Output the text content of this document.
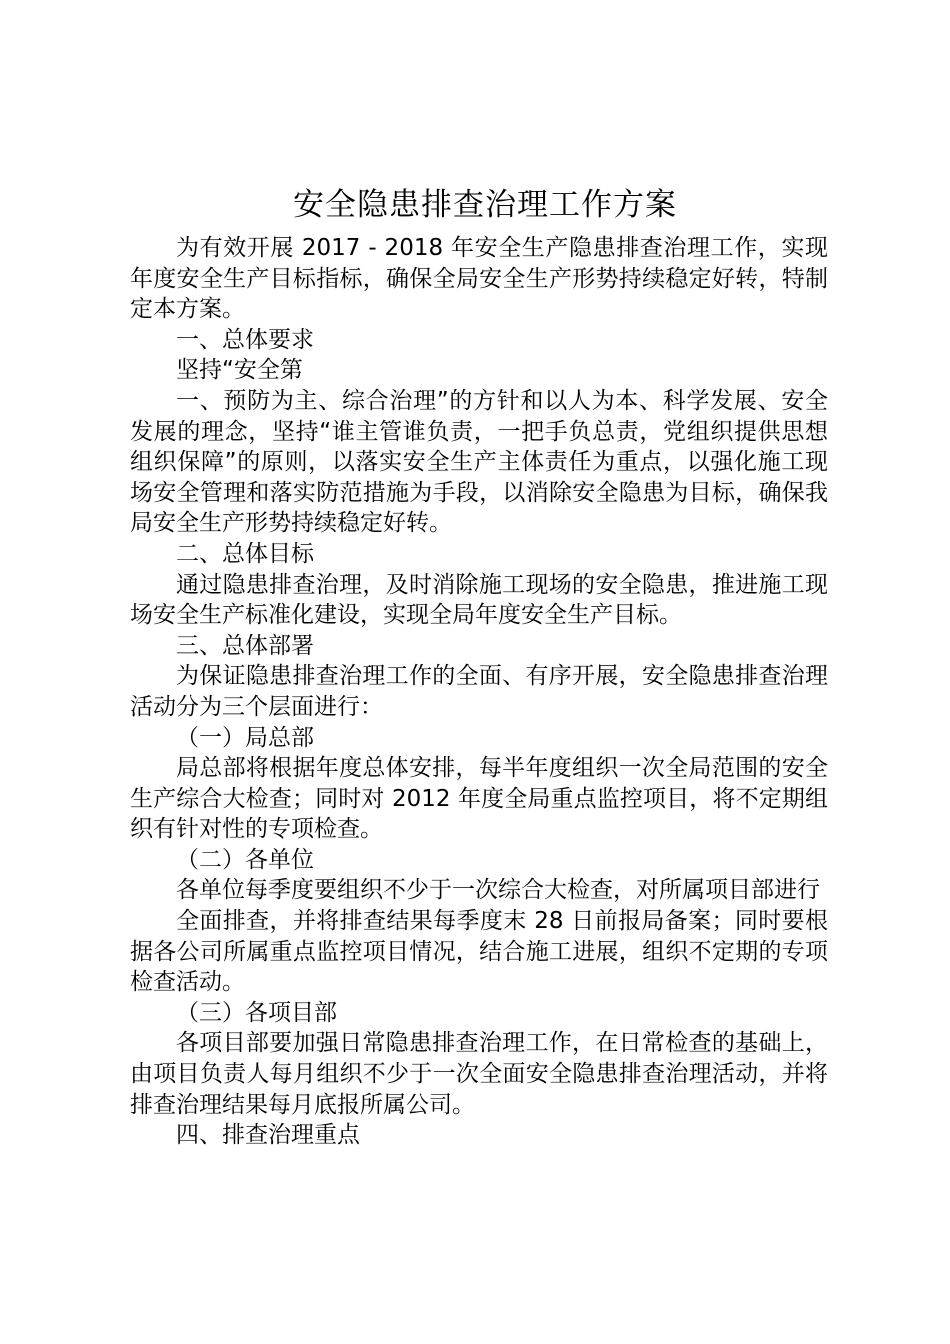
安全隐患排查治理工作方案

为有效开展 2017 - 2018 年安全生产隐患排查治理工作，实现年度安全生产目标指标，确保全局安全生产形势持续稳定好转，特制定本方案。

一、总体要求

坚持“安全第

一、预防为主、综合治理”的方针和以人为本、科学发展、安全发展的理念，坚持“谁主管谁负责，一把手负总责，党组织提供思想组织保障”的原则，以落实安全生产主体责任为重点，以强化施工现场安全管理和落实防范措施为手段，以消除安全隐患为目标，确保我局安全生产形势持续稳定好转。

二、总体目标

通过隐患排查治理，及时消除施工现场的安全隐患，推进施工现场安全生产标准化建设，实现全局年度安全生产目标。

三、总体部署

为保证隐患排查治理工作的全面、有序开展，安全隐患排查治理活动分为三个层面进行：

（一）局总部

局总部将根据年度总体安排，每半年度组织一次全局范围的安全生产综合大检查；同时对 2012 年度全局重点监控项目，将不定期组织有针对性的专项检查。

（二）各单位

各单位每季度要组织不少于一次综合大检查，对所属项目部进行

全面排查，并将排查结果每季度末 28 日前报局备案；同时要根据各公司所属重点监控项目情况，结合施工进展，组织不定期的专项检查活动。

（三）各项目部

各项目部要加强日常隐患排查治理工作，在日常检查的基础上，由项目负责人每月组织不少于一次全面安全隐患排查治理活动，并将排查治理结果每月底报所属公司。

四、排查治理重点
